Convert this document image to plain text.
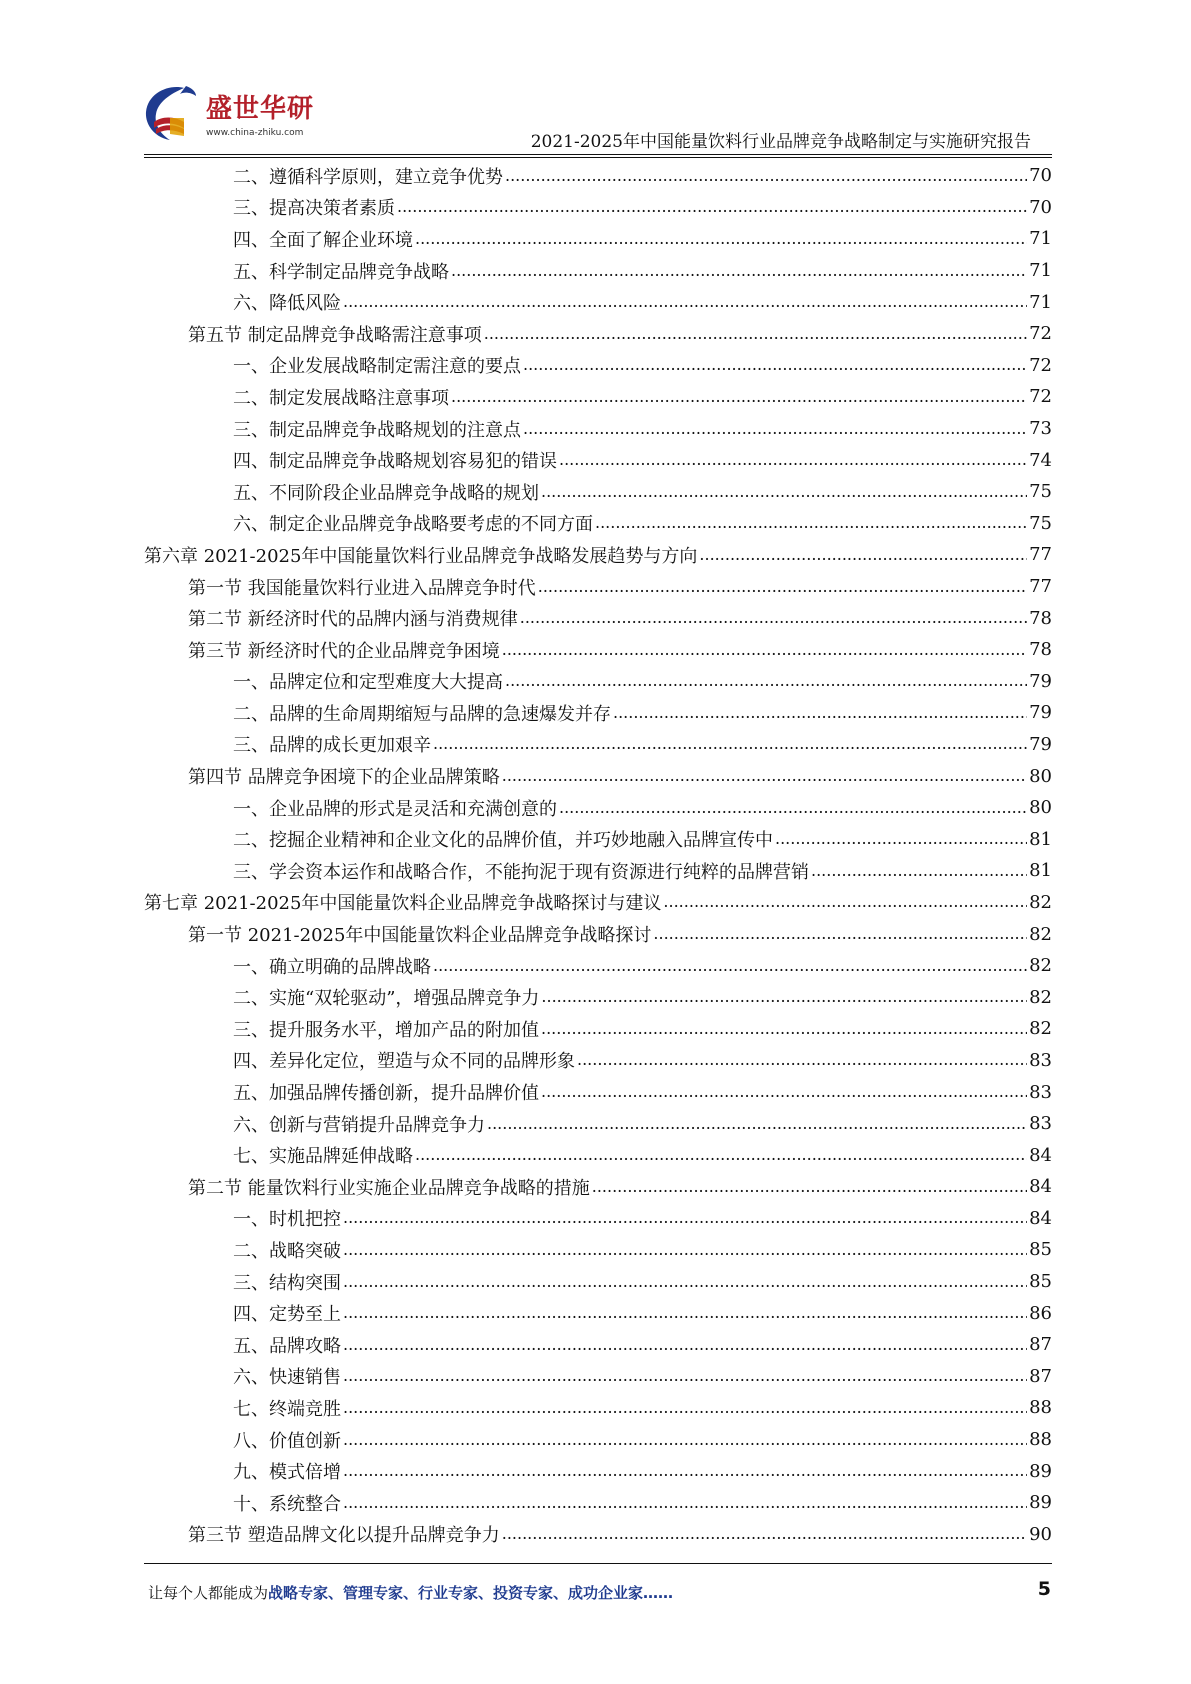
盛世华研
www.china-zhiku.com	2021-2025年中国能量饮料行业品牌竞争战略制定与实施研究报告
二、遵循科学原则，建立竞争优势 .....	70
三、提高决策者素质 .....	70
四、全面了解企业环境 .....	71
五、科学制定品牌竞争战略 .....	71
六、降低风险 .....	71
第五节 制定品牌竞争战略需注意事项 .....	72
一、企业发展战略制定需注意的要点 .....	72
二、制定发展战略注意事项 .....	72
三、制定品牌竞争战略规划的注意点 .....	73
四、制定品牌竞争战略规划容易犯的错误 .....	74
五、不同阶段企业品牌竞争战略的规划 .....	75
六、制定企业品牌竞争战略要考虑的不同方面 .....	75
第六章 2021-2025年中国能量饮料行业品牌竞争战略发展趋势与方向 .....	77
第一节 我国能量饮料行业进入品牌竞争时代 .....	77
第二节 新经济时代的品牌内涵与消费规律 .....	78
第三节 新经济时代的企业品牌竞争困境 .....	78
一、品牌定位和定型难度大大提高 .....	79
二、品牌的生命周期缩短与品牌的急速爆发并存 .....	79
三、品牌的成长更加艰辛 .....	79
第四节 品牌竞争困境下的企业品牌策略 .....	80
一、企业品牌的形式是灵活和充满创意的 .....	80
二、挖掘企业精神和企业文化的品牌价值，并巧妙地融入品牌宣传中 .....	81
三、学会资本运作和战略合作，不能拘泥于现有资源进行纯粹的品牌营销 .....	81
第七章 2021-2025年中国能量饮料企业品牌竞争战略探讨与建议 .....	82
第一节 2021-2025年中国能量饮料企业品牌竞争战略探讨 .....	82
一、确立明确的品牌战略 .....	82
二、实施“双轮驱动”，增强品牌竞争力 .....	82
三、提升服务水平，增加产品的附加值 .....	82
四、差异化定位，塑造与众不同的品牌形象 .....	83
五、加强品牌传播创新，提升品牌价值 .....	83
六、创新与营销提升品牌竞争力 .....	83
七、实施品牌延伸战略 .....	84
第二节 能量饮料行业实施企业品牌竞争战略的措施 .....	84
一、时机把控 .....	84
二、战略突破 .....	85
三、结构突围 .....	85
四、定势至上 .....	86
五、品牌攻略 .....	87
六、快速销售 .....	87
七、终端竞胜 .....	88
八、价值创新 .....	88
九、模式倍增 .....	89
十、系统整合 .....	89
第三节 塑造品牌文化以提升品牌竞争力 .....	90
让每个人都能成为战略专家、管理专家、行业专家、投资专家、成功企业家……	5
